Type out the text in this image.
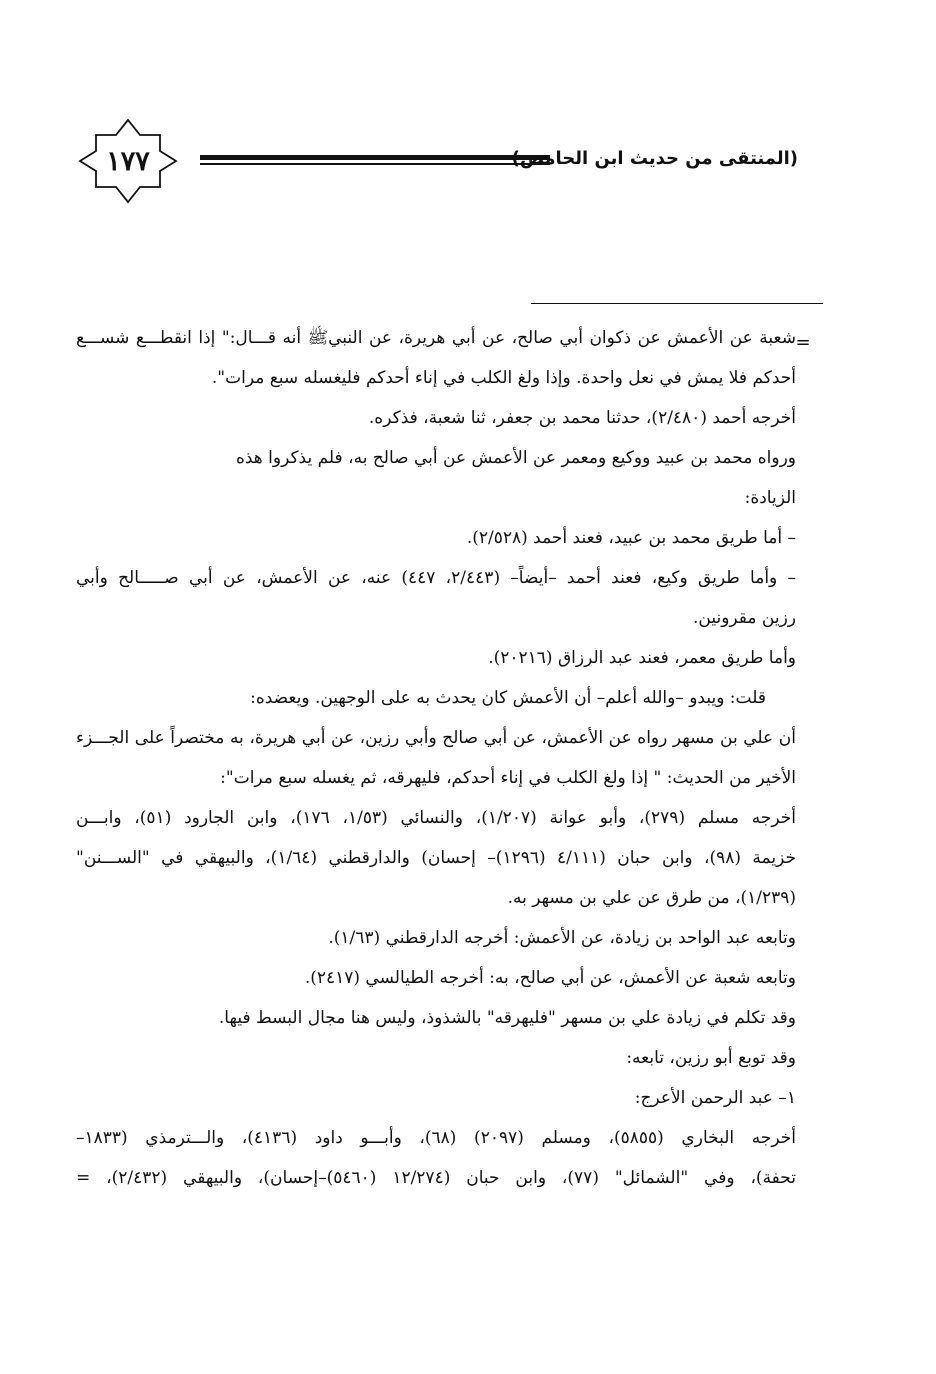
١٧٧	(المنتقى من حديث ابن الحامض)
=

شعبة عن الأعمش عن ذكوان أبي صالح، عن أبي هريرة، عن النبيﷺ أنه قـــال:" إذا انقطـــع شســـع

أحدكم فلا يمش في نعل واحدة. وإذا ولغ الكلب في إناء أحدكم فليغسله سبع مرات".

أخرجه أحمد (٢/٤٨٠)، حدثنا محمد بن جعفر، ثنا شعبة، فذكره.

ورواه محمد بن عبيد ووكيع ومعمر عن الأعمش عن أبي صالح به، فلم يذكروا هذه

الزيادة:

– أما طريق محمد بن عبيد، فعند أحمد (٢/٥٢٨).

– وأما طريق وكيع، فعند أحمد –أيضاً– (٢/٤٤٣، ٤٤٧) عنه، عن الأعمش، عن أبي صـــــالح وأبي

رزين مقرونين.

وأما طريق معمر، فعند عبد الرزاق (٢٠٢١٦).

قلت: ويبدو –والله أعلم– أن الأعمش كان يحدث به على الوجهين. ويعضده:

أن علي بن مسهر رواه عن الأعمش، عن أبي صالح وأبي رزين، عن أبي هريرة، به مختصراً على الجـــزء

الأخير من الحديث: " إذا ولغ الكلب في إناء أحدكم، فليهرقه، ثم يغسله سبع مرات":

أخرجه مسلم (٢٧٩)، وأبو عوانة (١/٢٠٧)، والنسائي (١/٥٣، ١٧٦)، وابن الجارود (٥١)، وابـــن

خزيمة (٩٨)، وابن حبان (٤/١١١ (١٢٩٦)– إحسان) والدارقطني (١/٦٤)، والبيهقي في "الســـنن"

(١/٢٣٩)، من طرق عن علي بن مسهر به.

وتابعه عبد الواحد بن زيادة، عن الأعمش: أخرجه الدارقطني (١/٦٣).

وتابعه شعبة عن الأعمش، عن أبي صالح، به: أخرجه الطيالسي (٢٤١٧).

وقد تكلم في زيادة علي بن مسهر "فليهرقه" بالشذوذ، وليس هنا مجال البسط فيها.

وقد توبع أبو رزين، تابعه:

١– عبد الرحمن الأعرج:

أخرجه البخاري (٥٨٥٥)، ومسلم (٢٠٩٧) (٦٨)، وأبـــو داود (٤١٣٦)، والـــترمذي (١٨٣٣–

تحفة)، وفي "الشمائل" (٧٧)، وابن حبان (١٢/٢٧٤ (٥٤٦٠)–إحسان)، والبيهقي (٢/٤٣٢)، =
